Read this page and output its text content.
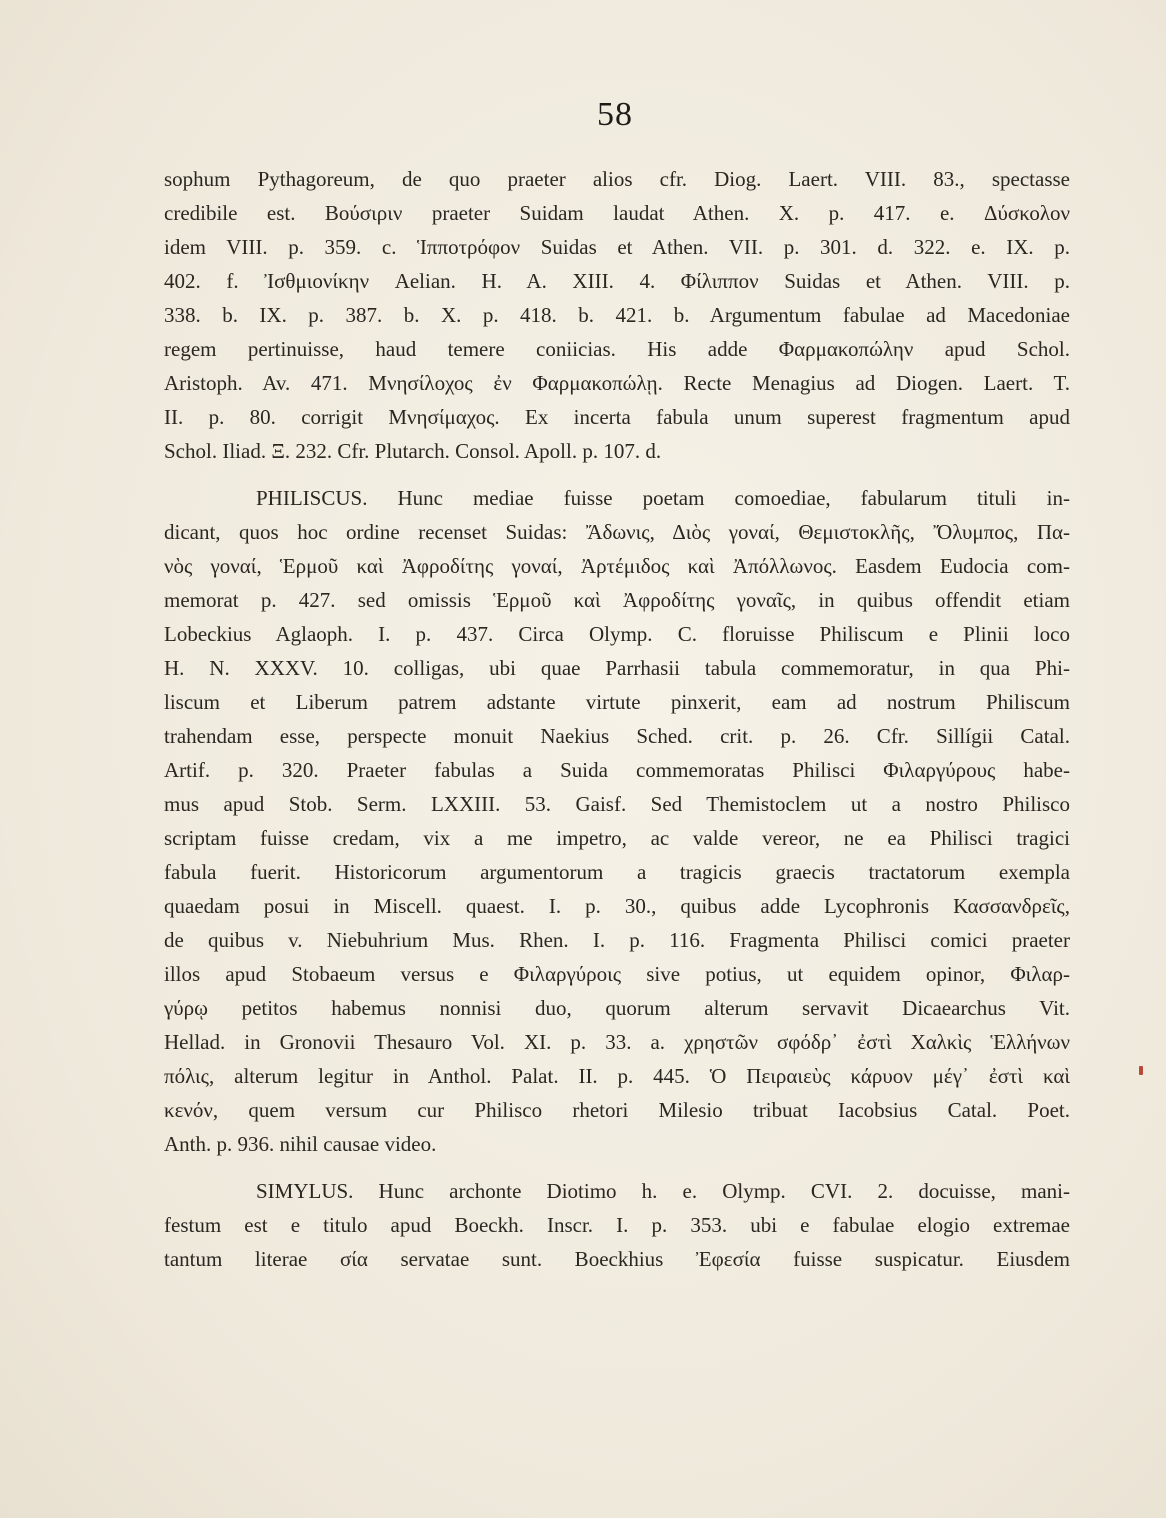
58
sophum Pythagoreum, de quo praeter alios cfr. Diog. Laert. VIII. 83., spectasse
credibile est. Βούσιριν praeter Suidam laudat Athen. X. p. 417. e. Δύσκολον
idem VIII. p. 359. c. Ἱπποτρόφον Suidas et Athen. VII. p. 301. d. 322. e. IX. p.
402. f. Ἰσθμιονίκην Aelian. H. A. XIII. 4. Φίλιππον Suidas et Athen. VIII. p.
338. b. IX. p. 387. b. X. p. 418. b. 421. b. Argumentum fabulae ad Macedoniae
regem pertinuisse, haud temere coniicias. His adde Φαρμακοπώλην apud Schol.
Aristoph. Av. 471. Μνησίλοχος ἐν Φαρμακοπώλῃ. Recte Menagius ad Diogen. Laert. T.
II. p. 80. corrigit Μνησίμαχος. Ex incerta fabula unum superest fragmentum apud
Schol. Iliad. Ξ. 232. Cfr. Plutarch. Consol. Apoll. p. 107. d.
PHILISCUS. Hunc mediae fuisse poetam comoediae, fabularum tituli in-
dicant, quos hoc ordine recenset Suidas: Ἄδωνις, Διὸς γοναί, Θεμιστοκλῆς, Ὄλυμπος, Πα-
νὸς γοναί, Ἑρμοῦ καὶ Ἀφροδίτης γοναί, Ἀρτέμιδος καὶ Ἀπόλλωνος. Easdem Eudocia com-
memorat p. 427. sed omissis Ἑρμοῦ καὶ Ἀφροδίτης γοναῖς, in quibus offendit etiam
Lobeckius Aglaoph. I. p. 437. Circa Olymp. C. floruisse Philiscum e Plinii loco
H. N. XXXV. 10. colligas, ubi quae Parrhasii tabula commemoratur, in qua Phi-
liscum et Liberum patrem adstante virtute pinxerit, eam ad nostrum Philiscum
trahendam esse, perspecte monuit Naekius Sched. crit. p. 26. Cfr. Sillígii Catal.
Artif. p. 320. Praeter fabulas a Suida commemoratas Philisci Φιλαργύρους habe-
mus apud Stob. Serm. LXXIII. 53. Gaisf. Sed Themistoclem ut a nostro Philisco
scriptam fuisse credam, vix a me impetro, ac valde vereor, ne ea Philisci tragici
fabula fuerit. Historicorum argumentorum a tragicis graecis tractatorum exempla
quaedam posui in Miscell. quaest. I. p. 30., quibus adde Lycophronis Κασσανδρεῖς,
de quibus v. Niebuhrium Mus. Rhen. I. p. 116. Fragmenta Philisci comici praeter
illos apud Stobaeum versus e Φιλαργύροις sive potius, ut equidem opinor, Φιλαρ-
γύρῳ petitos habemus nonnisi duo, quorum alterum servavit Dicaearchus Vit.
Hellad. in Gronovii Thesauro Vol. XI. p. 33. a. χρηστῶν σφόδρ᾽ ἐστὶ Χαλκὶς Ἑλλήνων
πόλις, alterum legitur in Anthol. Palat. II. p. 445. Ὁ Πειραιεὺς κάρυον μέγ᾽ ἐστὶ καὶ
κενόν, quem versum cur Philisco rhetori Milesio tribuat Iacobsius Catal. Poet.
Anth. p. 936. nihil causae video.
SIMYLUS. Hunc archonte Diotimo h. e. Olymp. CVI. 2. docuisse, mani-
festum est e titulo apud Boeckh. Inscr. I. p. 353. ubi e fabulae elogio extremae
tantum literae σία servatae sunt. Boeckhius Ἐφεσία fuisse suspicatur. Eiusdem
